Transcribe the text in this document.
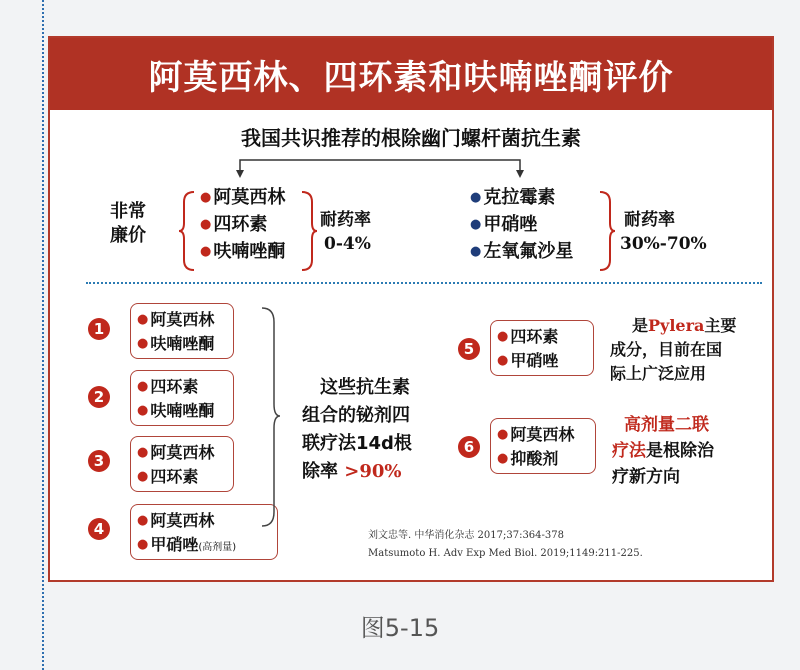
阿莫西林、四环素和呋喃唑酮评价
我国共识推荐的根除幽门螺杆菌抗生素
非常
廉价
● 阿莫西林
● 四环素
● 呋喃唑酮
耐药率
0-4%
● 克拉霉素
● 甲硝唑
● 左氧氟沙星
耐药率
30%-70%
1	● 阿莫西林
● 呋喃唑酮
2
● 四环素
● 呋喃唑酮
3	● 阿莫西林
● 四环素
4	● 阿莫西林
● 甲硝唑(高剂量)
这些抗生素
组合的铋剂四
联疗法14d根
除率 >90%
5
● 四环素
● 甲硝唑
是Pylera主要
成分，目前在国
际上广泛应用
6
● 阿莫西林
● 抑酸剂
高剂量二联
疗法是根除治
疗新方向
刘文忠等. 中华消化杂志 2017;37:364-378
Matsumoto H. Adv Exp Med Biol. 2019;1149:211-225.
图5-15
